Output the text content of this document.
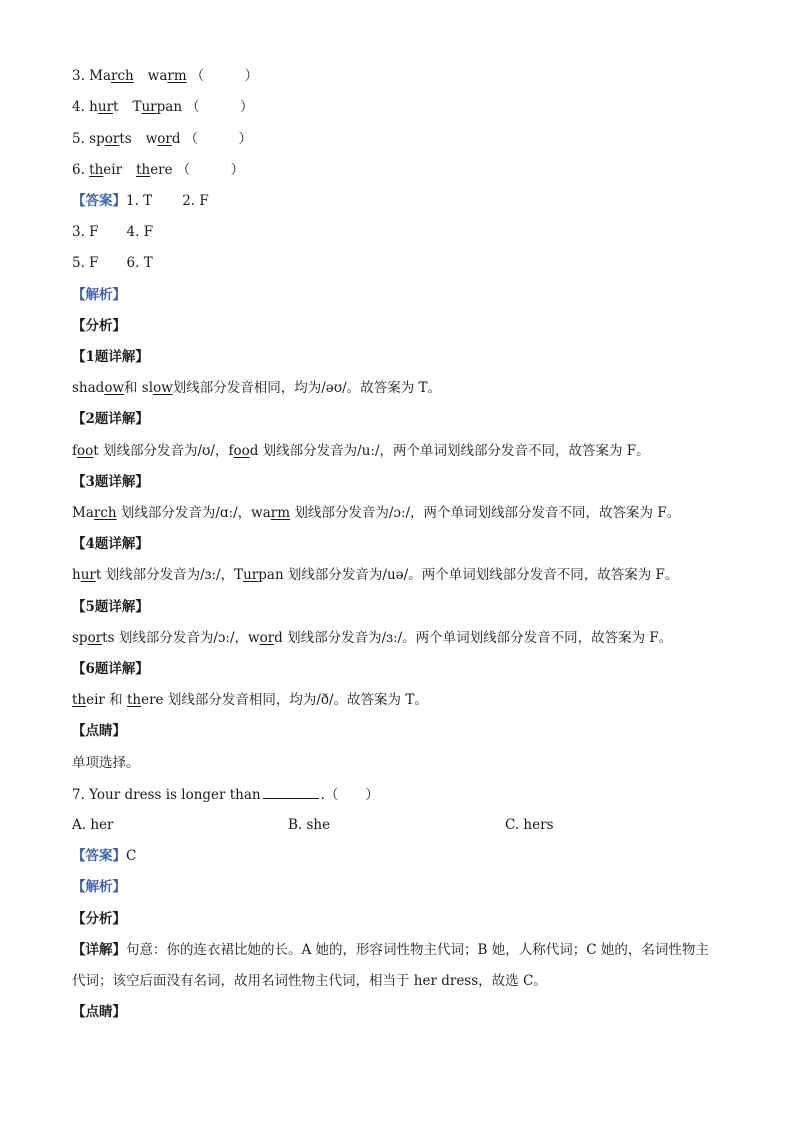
3. March warm （　　　）
4. hurt Turpan （　　　）
5. sports word （　　　）
6. their there （　　　）
【答案】1. T 2. F
3. F 4. F
5. F 6. T
【解析】
【分析】
【1题详解】
shadow和 slow划线部分发音相同，均为/əʊ/。故答案为 T。
【2题详解】
foot 划线部分发音为/ʊ/，food 划线部分发音为/uː/，两个单词划线部分发音不同，故答案为 F。
【3题详解】
March 划线部分发音为/ɑː/，warm 划线部分发音为/ɔː/，两个单词划线部分发音不同，故答案为 F。
【4题详解】
hurt 划线部分发音为/ɜː/，Turpan 划线部分发音为/uə/。两个单词划线部分发音不同，故答案为 F。
【5题详解】
sports 划线部分发音为/ɔː/，word 划线部分发音为/ɜː/。两个单词划线部分发音不同，故答案为 F。
【6题详解】
their 和 there 划线部分发音相同，均为/ð/。故答案为 T。
【点睛】
单项选择。
7. Your dress is longer than	.（　　）
A. her	B. she	C. hers
【答案】C
【解析】
【分析】
【详解】句意：你的连衣裙比她的长。A 她的，形容词性物主代词；B 她，人称代词；C 她的，名词性物主
代词；该空后面没有名词，故用名词性物主代词，相当于 her dress，故选 C。
【点睛】
